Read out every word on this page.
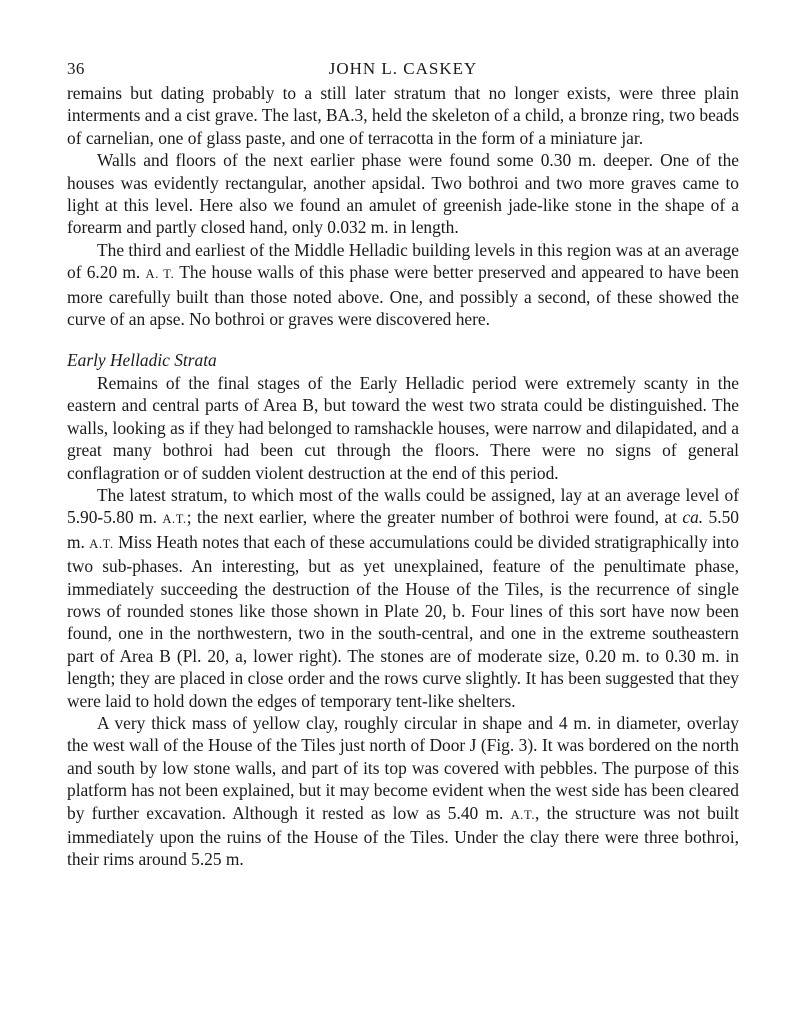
36	JOHN L. CASKEY

remains but dating probably to a still later stratum that no longer exists, were three plain interments and a cist grave. The last, BA.3, held the skeleton of a child, a bronze ring, two beads of carnelian, one of glass paste, and one of terracotta in the form of a miniature jar.

Walls and floors of the next earlier phase were found some 0.30 m. deeper. One of the houses was evidently rectangular, another apsidal. Two bothroi and two more graves came to light at this level. Here also we found an amulet of greenish jade-like stone in the shape of a forearm and partly closed hand, only 0.032 m. in length.

The third and earliest of the Middle Helladic building levels in this region was at an average of 6.20 m. A. T. The house walls of this phase were better preserved and appeared to have been more carefully built than those noted above. One, and possibly a second, of these showed the curve of an apse. No bothroi or graves were discovered here.

Early Helladic Strata

Remains of the final stages of the Early Helladic period were extremely scanty in the eastern and central parts of Area B, but toward the west two strata could be distinguished. The walls, looking as if they had belonged to ramshackle houses, were narrow and dilapidated, and a great many bothroi had been cut through the floors. There were no signs of general conflagration or of sudden violent destruction at the end of this period.

The latest stratum, to which most of the walls could be assigned, lay at an average level of 5.90-5.80 m. A.T.; the next earlier, where the greater number of bothroi were found, at ca. 5.50 m. A.T. Miss Heath notes that each of these accumulations could be divided stratigraphically into two sub-phases. An interesting, but as yet unexplained, feature of the penultimate phase, immediately succeeding the destruction of the House of the Tiles, is the recurrence of single rows of rounded stones like those shown in Plate 20, b. Four lines of this sort have now been found, one in the northwestern, two in the south-central, and one in the extreme southeastern part of Area B (Pl. 20, a, lower right). The stones are of moderate size, 0.20 m. to 0.30 m. in length; they are placed in close order and the rows curve slightly. It has been suggested that they were laid to hold down the edges of temporary tent-like shelters.

A very thick mass of yellow clay, roughly circular in shape and 4 m. in diameter, overlay the west wall of the House of the Tiles just north of Door J (Fig. 3). It was bordered on the north and south by low stone walls, and part of its top was covered with pebbles. The purpose of this platform has not been explained, but it may become evident when the west side has been cleared by further excavation. Although it rested as low as 5.40 m. A.T., the structure was not built immediately upon the ruins of the House of the Tiles. Under the clay there were three bothroi, their rims around 5.25 m.
